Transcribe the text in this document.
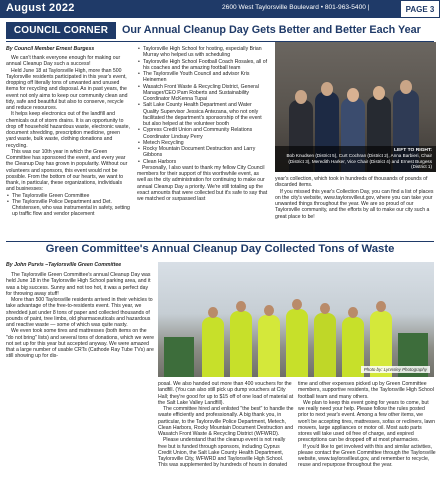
August 2022	2600 West Taylorsville Boulevard • 801-963-5400 |	PAGE 3
COUNCIL CORNER	Our Annual Cleanup Day Gets Better and Better Each Year
By Council Member Ernest Burgess

We can't thank everyone enough for making our annual Cleanup Day such a success!

Held June 18 at Taylorsville High, more than 500 Taylorsville residents participated in this year's event, dropping off literally tons of unwanted and unused items for recycling and disposal. As in past years, the event not only aims to keep our community clean and tidy, safe and beautiful but also to conserve, recycle and reduce resources.

It helps keep electronics out of the landfill and chemicals out of storm drains. It is an opportunity to drop off household hazardous waste, electronic waste, document shredding, prescription medicine, green yard waste, bulk waste, clothing donations and recycling.

This was our 10th year in which the Green Committee has sponsored the event, and every year the Cleanup Day has grown in popularity. Without our volunteers and sponsors, this event would not be possible. From the bottom of our hearts, we want to thank, in particular, these organizations, individuals and businesses:

• The Taylorsville Green Committee
• The Taylorsville Police Department and Det. Christensen, who was instrumental in safety, setting up traffic flow and vendor placement
• Taylorsville High School for hosting, especially Brian Murray who helped us with scheduling
• Taylorsville High School Football Coach Rosales, all of his coaches and the amazing football team
• The Taylorsville Youth Council and advisor Kris Heinemen
• Wasatch Front Waste & Recycling District, General Manager/CEO Pam Roberts and Sustainability Coordinator McKenna Tupai
• Salt Lake County Health Department and Water Quality Supervisor Jessica Antezana, who not only facilitated the department's sponsorship of the event but also helped at the volunteer booth
• Cypress Credit Union and Community Relations Coordinator Lindsay Perry
• Metech Recycling
• Rocky Mountain Document Destruction and Larry Gibbons
• Clean Harbors

Personally, I also want to thank my fellow City Council members for their support of this worthwhile event, as well as the city administration for continuing to make our annual Cleanup Day a priority. We're still totaling up the exact amounts that were collected but it's safe to say that we matched or surpassed last

LEFT TO RIGHT:
Bob Knudsen (District 5), Curt Cochran (District 2), Anna Barbieri, Chair (District 3), Meredith Harker, Vice Chair (District 4) and Ernest Burgess (District 1)

year's collection, which took in hundreds of thousands of pounds of discarded items.

If you missed this year's Collection Day, you can find a list of places on the city's website, www.taylorsvilleut.gov, where you can take your unwanted things throughout the year. We are so proud of our Taylorsville community, and the efforts by all to make our city such a great place to be!

Green Committee's Annual Cleanup Day Collected Tons of Waste
By John Purvis –Taylorsville Green Committee

The Taylorsville Green Committee's annual Cleanup Day was held June 18 in the Taylorsville High School parking area, and it was a big success. Sunny and not too hot, it was a perfect day for throwing away stuff!

More than 500 Taylorsville residents arrived in their vehicles to take advantage of the free-to-residents event. This year, we shredded just under 8 tons of paper and collected thousands of pounds of paint, tree limbs, old pharmaceuticals and hazardous and reactive waste — some of which was quite nasty.

We even took some tires and mattresses (both items on the "do not bring" lists) and several tons of donations, which we were not set up for this year but accepted anyway. We were amazed that a large number of usable CRTs (Cathode Ray Tube TVs) are still showing up for dis-

Photo by: Lynnsley Photography

posal. We also handed out more than 400 vouchers for the landfill. (You can also still pick up dump vouchers at City Hall; they're good for up to $15 off of one load of material at the Salt Lake Valley Landfill).

The committee hired and enlisted "the best" to handle the waste efficiently and professionally. A big thank you, in particular, to the Taylorsville Police Department, Metech, Clean Harbors, Rocky Mountain Document Destruction and Wasatch Front Waste & Recycling District (WFWRD).

Please understand that the cleanup event is not really free but is funded through sponsors, including Cyprus Credit Union, the Salt Lake County Health Department, Taylorsville City, WFWRD and Taylorsville High School. This was supplemented by hundreds of hours in donated

time and other expenses picked up by Green Committee members, supportive residents, the Taylorsville High School football team and many others.

We plan to keep this event going for years to come, but we really need your help. Please follow the rules posted prior to next year's event. Among a few other items, we won't be accepting tires, mattresses, sofas or recliners, lawn mowers, large appliances or motor oil. Most auto parts stores will take used oil free of charge, and expired prescriptions can be dropped off at most pharmacies.

If you'd like to get involved with this and similar activities, please contact the Green Committee through the Taylorsville website, www.taylorsvilleut.gov, and remember to recycle, reuse and repurpose throughout the year.
